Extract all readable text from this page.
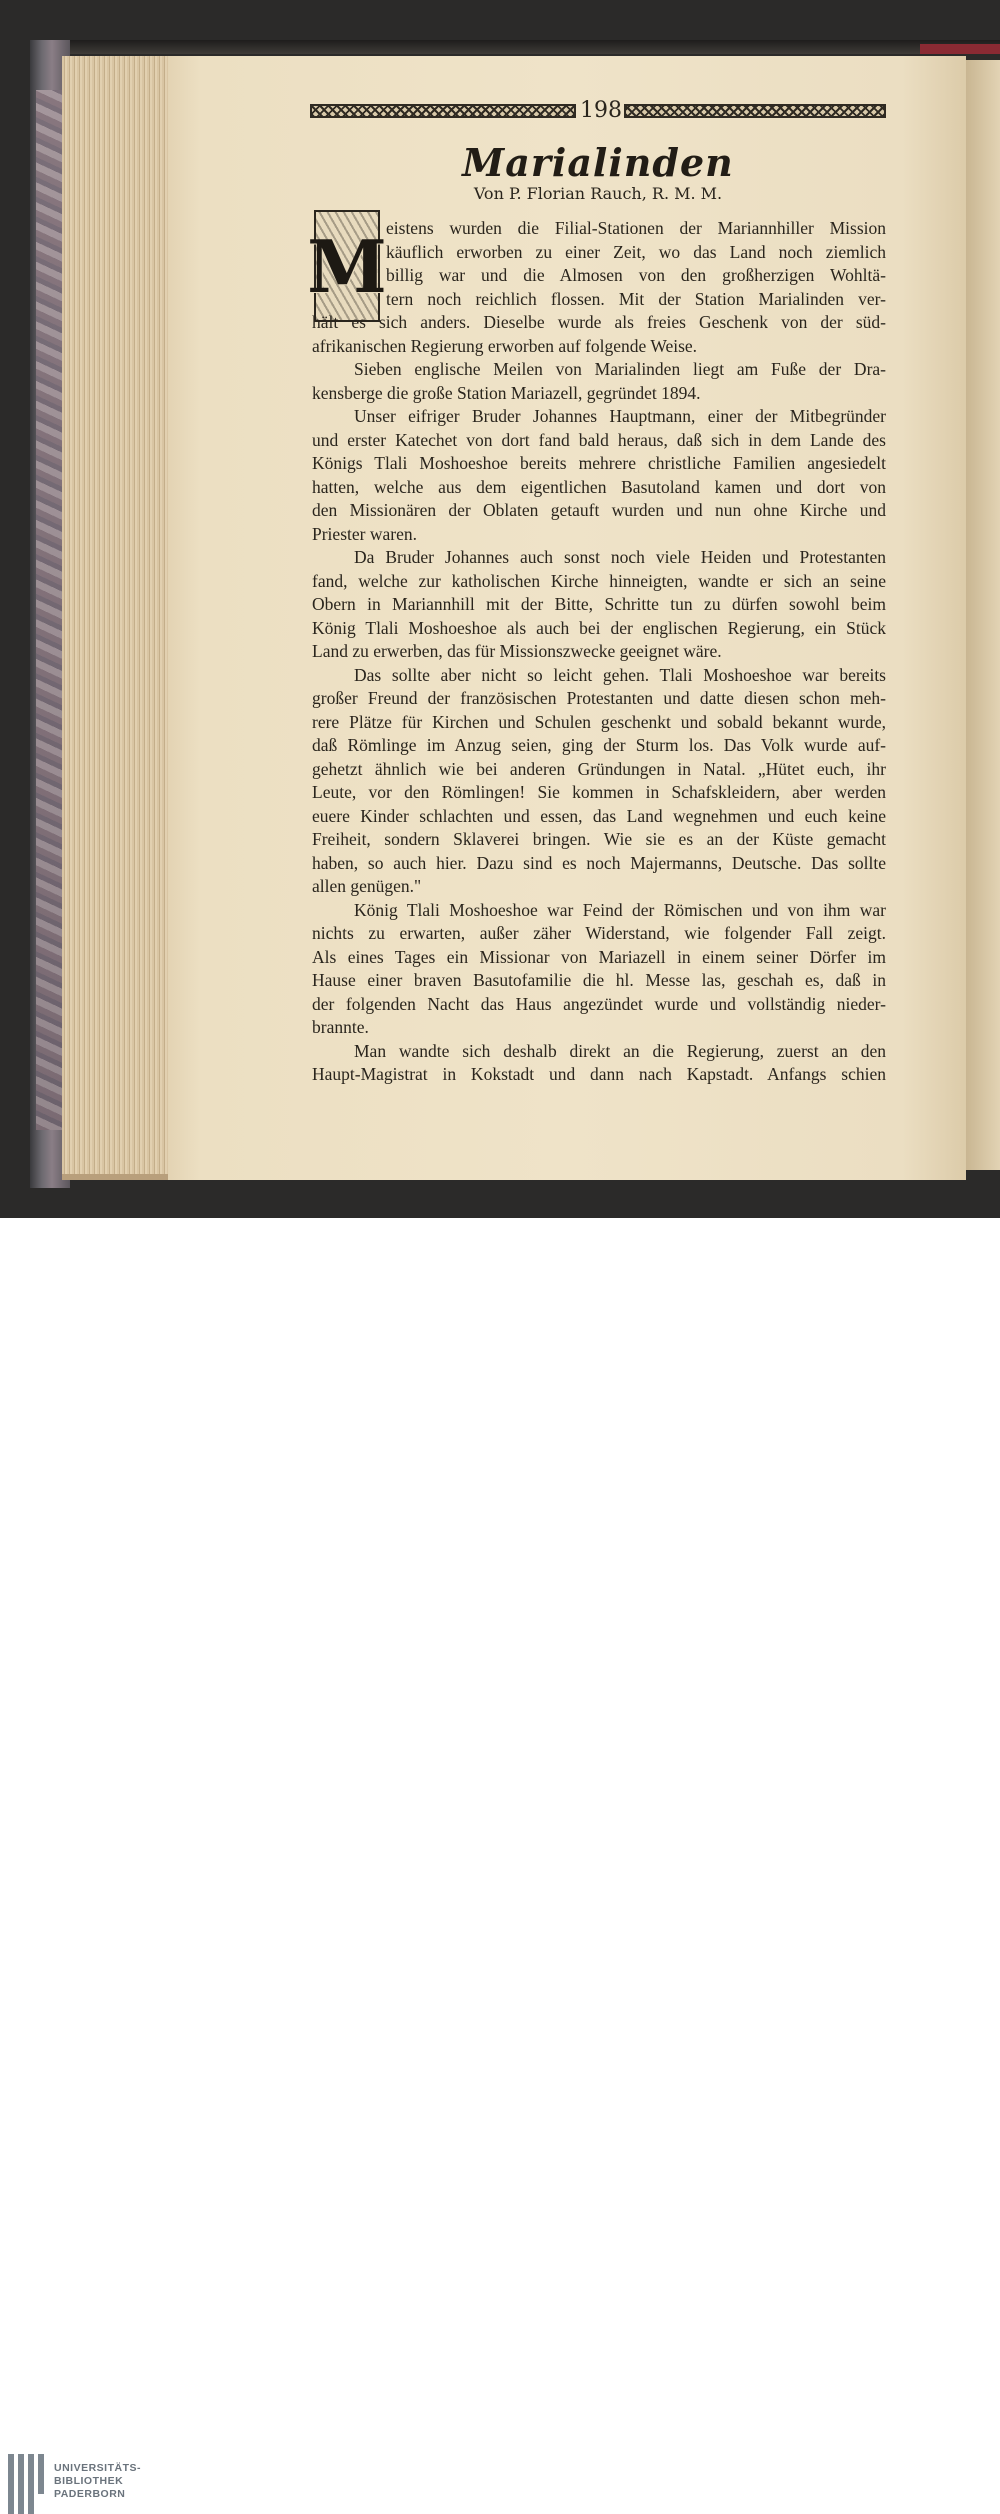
198
Marialinden
Von P. Florian Rauch, R. M. M.
M eistens wurden die Filial-Stationen der Mariannhiller Mission
käuflich erworben zu einer Zeit, wo das Land noch ziemlich
billig war und die Almosen von den großherzigen Wohltä-
tern noch reichlich flossen. Mit der Station Marialinden ver-
hält es sich anders. Dieselbe wurde als freies Geschenk von der süd-
afrikanischen Regierung erworben auf folgende Weise.
Sieben englische Meilen von Marialinden liegt am Fuße der Dra-
kensberge die große Station Mariazell, gegründet 1894.
Unser eifriger Bruder Johannes Hauptmann, einer der Mitbegründer
und erster Katechet von dort fand bald heraus, daß sich in dem Lande des
Königs Tlali Moshoeshoe bereits mehrere christliche Familien angesiedelt
hatten, welche aus dem eigentlichen Basutoland kamen und dort von
den Missionären der Oblaten getauft wurden und nun ohne Kirche und
Priester waren.
Da Bruder Johannes auch sonst noch viele Heiden und Protestanten
fand, welche zur katholischen Kirche hinneigten, wandte er sich an seine
Obern in Mariannhill mit der Bitte, Schritte tun zu dürfen sowohl beim
König Tlali Moshoeshoe als auch bei der englischen Regierung, ein Stück
Land zu erwerben, das für Missionszwecke geeignet wäre.
Das sollte aber nicht so leicht gehen. Tlali Moshoeshoe war bereits
großer Freund der französischen Protestanten und datte diesen schon meh-
rere Plätze für Kirchen und Schulen geschenkt und sobald bekannt wurde,
daß Römlinge im Anzug seien, ging der Sturm los. Das Volk wurde auf-
gehetzt ähnlich wie bei anderen Gründungen in Natal. „Hütet euch, ihr
Leute, vor den Römlingen! Sie kommen in Schafskleidern, aber werden
euere Kinder schlachten und essen, das Land wegnehmen und euch keine
Freiheit, sondern Sklaverei bringen. Wie sie es an der Küste gemacht
haben, so auch hier. Dazu sind es noch Majermanns, Deutsche. Das sollte
allen genügen."
König Tlali Moshoeshoe war Feind der Römischen und von ihm war
nichts zu erwarten, außer zäher Widerstand, wie folgender Fall zeigt.
Als eines Tages ein Missionar von Mariazell in einem seiner Dörfer im
Hause einer braven Basutofamilie die hl. Messe las, geschah es, daß in
der folgenden Nacht das Haus angezündet wurde und vollständig nieder-
brannte.
Man wandte sich deshalb direkt an die Regierung, zuerst an den
Haupt-Magistrat in Kokstadt und dann nach Kapstadt. Anfangs schien
UNIVERSITÄTS-
BIBLIOTHEK
PADERBORN
